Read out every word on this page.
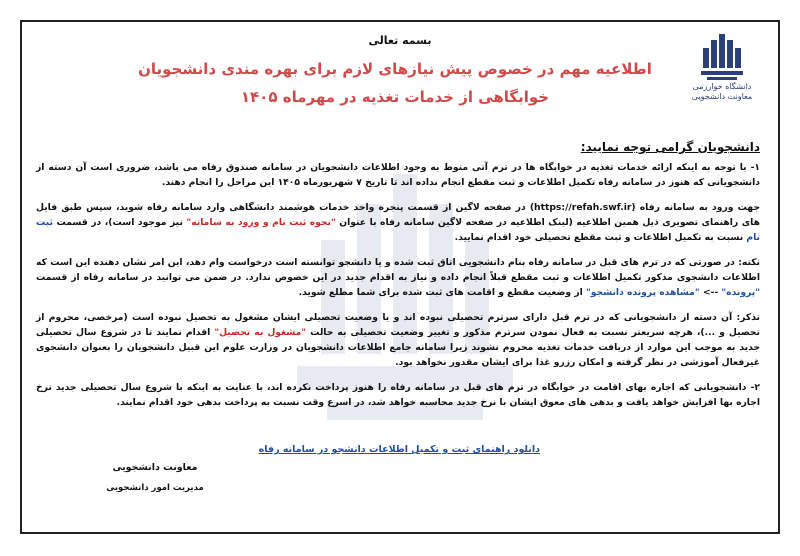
دانشگاه خوارزمی
معاونت دانشجویی
بسمه تعالی
اطلاعیه مهم در خصوص پیش نیازهای لازم برای بهره مندی دانشجویان
خوابگاهی از خدمات تغذیه در مهرماه ۱۴۰۵
دانشجویان گرامی توجه نمایید:

۱- با توجه به اینکه ارائه خدمات تغذیه در خوابگاه ها در ترم آتی منوط به وجود اطلاعات دانشجویان در سامانه صندوق رفاه می باشد، ضروری است آن دسته از دانشجویانی که هنوز در سامانه رفاه تکمیل اطلاعات و ثبت مقطع انجام نداده اند تا تاریخ ۷ شهریورماه ۱۴۰۵ این مراحل را انجام دهند.

جهت ورود به سامانه رفاه (https://refah.swf.ir) در صفحه لاگین از قسمت پنجره واحد خدمات هوشمند دانشگاهی وارد سامانه رفاه شوید، سپس طبق فایل های راهنمای تصویری ذیل همین اطلاعیه (لینک اطلاعیه در صفحه لاگین سامانه رفاه با عنوان "نحوه ثبت نام و ورود به سامانه" نیز موجود است)، در قسمت ثبت نام نسبت به تکمیل اطلاعات و ثبت مقطع تحصیلی خود اقدام نمایید.

نکته: در صورتی که در ترم های قبل در سامانه رفاه بنام دانشجویی اتاق ثبت شده و یا دانشجو توانسته است درخواست وام دهد، این امر نشان دهنده این است که اطلاعات دانشجوی مذکور تکمیل اطلاعات و ثبت مقطع قبلاً انجام داده و نیاز به اقدام جدید در این خصوص ندارد. در ضمن می توانید در سامانه رفاه از قسمت "پرونده" <-- "مشاهده پرونده دانشجو" از وضعیت مقطع و اقامت های ثبت شده برای شما مطلع شوید.

تذکر: آن دسته از دانشجویانی که در ترم قبل دارای سرترم تحصیلی نبوده اند و یا وضعیت تحصیلی ایشان مشغول به تحصیل نبوده است (مرخصی، محروم از تحصیل و ...)، هرچه سریعتر نسبت به فعال نمودن سرترم مذکور و تغییر وضعیت تحصیلی به حالت "مشغول به تحصیل" اقدام نمایند تا در شروع سال تحصیلی جدید به موجب این موارد از دریافت خدمات تغذیه محروم نشوند زیرا سامانه جامع اطلاعات دانشجویان در وزارت علوم این قبیل دانشجویان را بعنوان دانشجوی غیرفعال آموزشی در نظر گرفته و امکان رزرو غذا برای ایشان مقدور نخواهد بود.

۲- دانشجویانی که اجاره بهای اقامت در خوابگاه در ترم های قبل در سامانه رفاه را هنوز پرداخت نکرده اند، با عنایت به اینکه با شروع سال تحصیلی جدید نرخ اجاره بها افزایش خواهد یافت و بدهی های معوق ایشان با نرخ جدید محاسبه خواهد شد، در اسرع وقت نسبت به پرداخت بدهی خود اقدام نمایند.

دانلود راهنمای ثبت و تکمیل اطلاعات دانشجو در سامانه رفاه
معاونت دانشجویی
مدیریت امور دانشجویی
